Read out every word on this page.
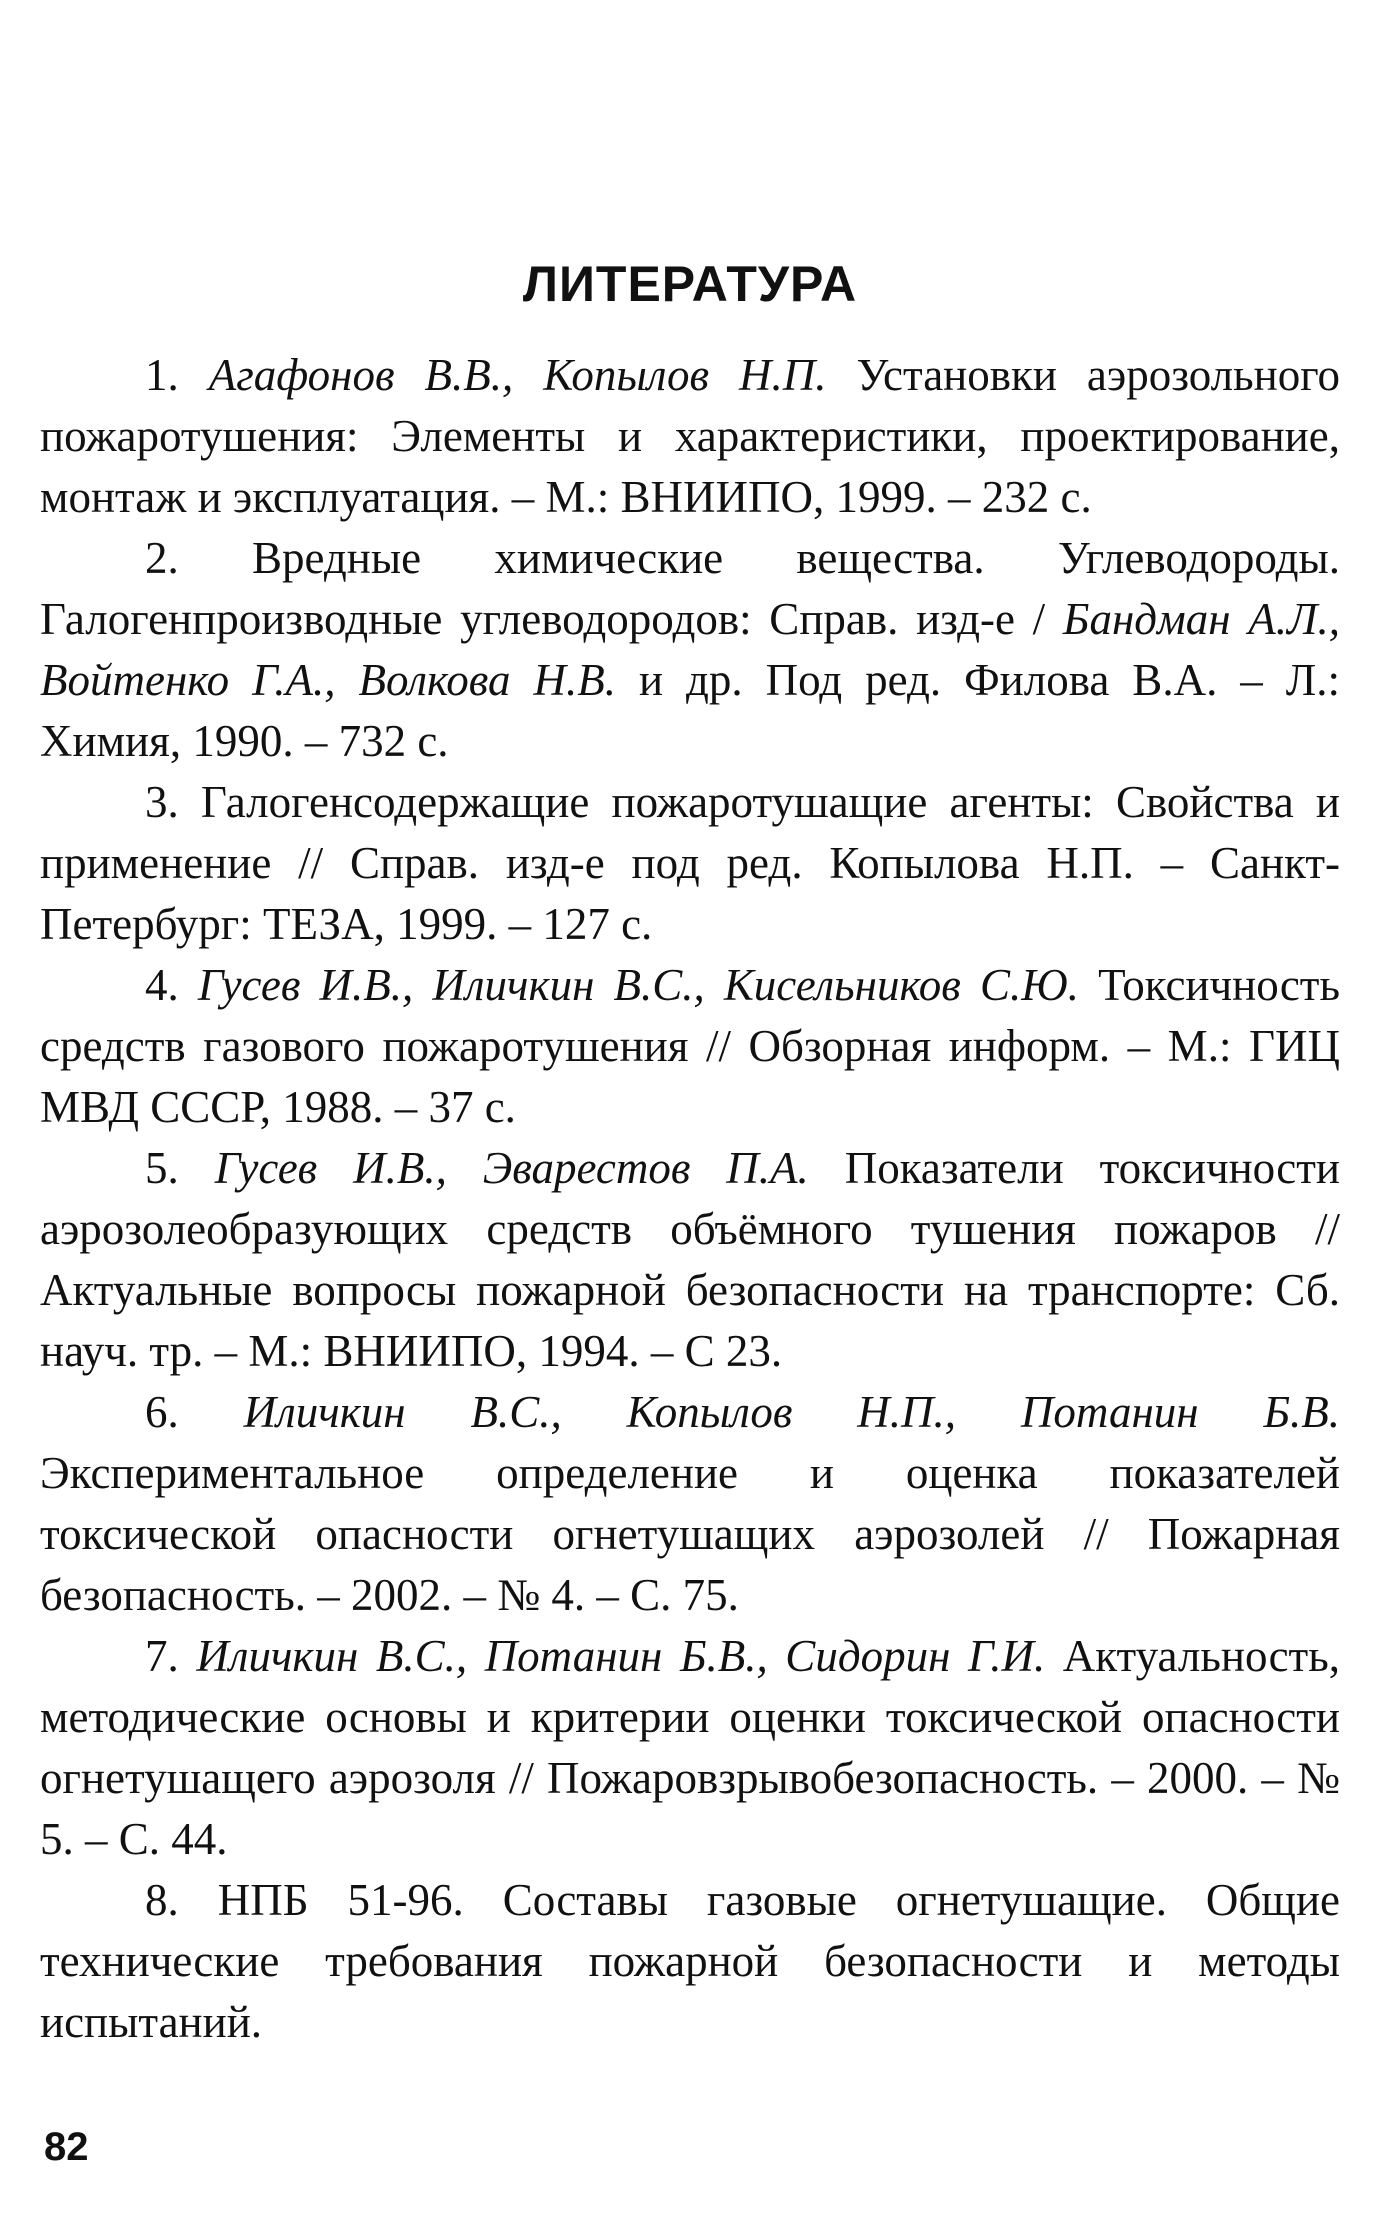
ЛИТЕРАТУРА
1. Агафонов В.В., Копылов Н.П. Установки аэрозольного пожаротушения: Элементы и характеристики, проектирование, монтаж и эксплуатация. – М.: ВНИИПО, 1999. – 232 с.
2. Вредные химические вещества. Углеводороды. Галогенпроизводные углеводородов: Справ. изд-е / Бандман А.Л., Войтенко Г.А., Волкова Н.В. и др. Под ред. Филова В.А. – Л.: Химия, 1990. – 732 с.
3. Галогенсодержащие пожаротушащие агенты: Свойства и применение // Справ. изд-е под ред. Копылова Н.П. – Санкт-Петербург: ТЕЗА, 1999. – 127 с.
4. Гусев И.В., Иличкин В.С., Кисельников С.Ю. Токсичность средств газового пожаротушения // Обзорная информ. – М.: ГИЦ МВД СССР, 1988. – 37 с.
5. Гусев И.В., Эварестов П.А. Показатели токсичности аэрозолеобразующих средств объёмного тушения пожаров // Актуальные вопросы пожарной безопасности на транспорте: Сб. науч. тр. – М.: ВНИИПО, 1994. – С 23.
6. Иличкин В.С., Копылов Н.П., Потанин Б.В. Экспериментальное определение и оценка показателей токсической опасности огнетушащих аэрозолей // Пожарная безопасность. – 2002. – № 4. – С. 75.
7. Иличкин В.С., Потанин Б.В., Сидорин Г.И. Актуальность, методические основы и критерии оценки токсической опасности огнетушащего аэрозоля // Пожаровзрывобезопасность. – 2000. – № 5. – С. 44.
8. НПБ 51-96. Составы газовые огнетушащие. Общие технические требования пожарной безопасности и методы испытаний.

82
